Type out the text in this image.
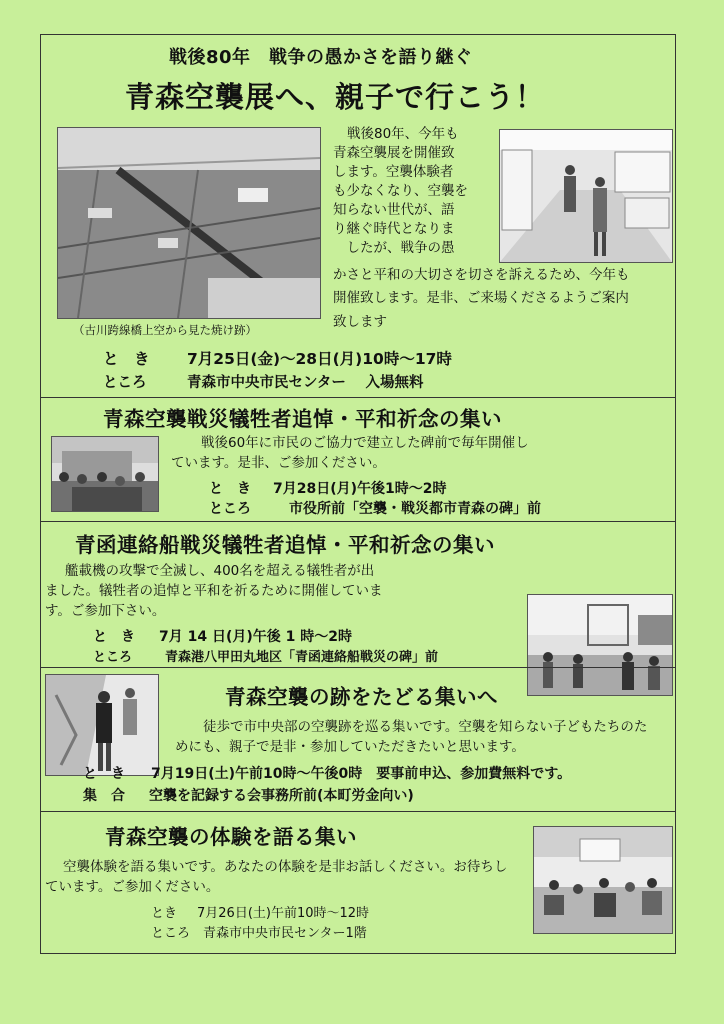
戦後80年　戦争の愚かさを語り継ぐ
青森空襲展へ、親子で行こう！
（古川跨線橋上空から見た焼け跡）
戦後80年、今年も
青森空襲展を開催致
します。空襲体験者
も少なくなり、空襲を
知らない世代が、語
り継ぐ時代となりま
　したが、戦争の愚
かさと平和の大切さを切さを訴えるため、今年も
開催致します。是非、ご来場くださるようご案内
致します
と　き 7月25日(金)～28日(月)10時～17時
ところ	青森市中央市民センター　 入場無料
青森空襲戦災犠牲者追悼・平和祈念の集い
戦後60年に市民のご協力で建立した碑前で毎年開催し
ています。是非、ご参加ください。
と　き 7月28日(月)午後1時～2時
ところ	市役所前「空襲・戦災都市青森の碑」前
青函連絡船戦災犠牲者追悼・平和祈念の集い
艦載機の攻撃で全滅し、400名を超える犠牲者が出
ました。犠牲者の追悼と平和を祈るために開催していま
す。ご参加下さい。
と　き 7月 14 日(月)午後 1 時～2時
ところ	青森港八甲田丸地区「青函連絡船戦災の碑」前
青森空襲の跡をたどる集いへ
徒歩で市中央部の空襲跡を巡る集いです。空襲を知らない子どもたちのた
めにも、親子で是非・参加していただきたいと思います。
と　き 7月19日(土)午前10時～午後0時　要事前申込、参加費無料です。
集　合 空襲を記録する会事務所前(本町労金向い)
青森空襲の体験を語る集い
空襲体験を語る集いです。あなたの体験を是非お話しください。お待ちし
ています。ご参加ください。
とき 7月26日(土)午前10時～12時
ところ 青森市中央市民センター1階
